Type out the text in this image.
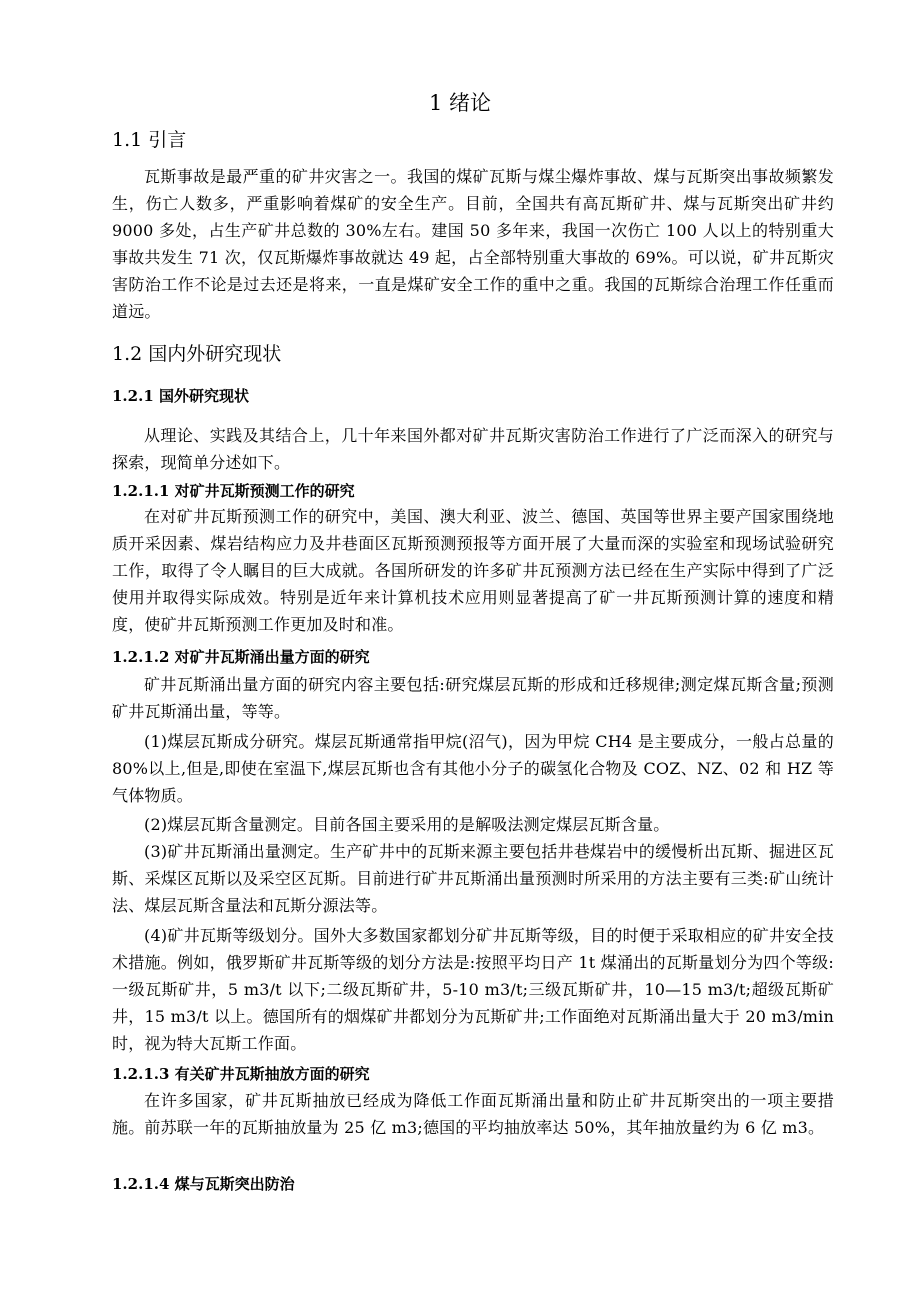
1 绪论
1.1 引言

瓦斯事故是最严重的矿井灾害之一。我国的煤矿瓦斯与煤尘爆炸事故、煤与瓦斯突出事故频繁发生，伤亡人数多，严重影响着煤矿的安全生产。目前，全国共有高瓦斯矿井、煤与瓦斯突出矿井约 9000 多处，占生产矿井总数的 30%左右。建国 50 多年来，我国一次伤亡 100 人以上的特别重大事故共发生 71 次，仅瓦斯爆炸事故就达 49 起，占全部特别重大事故的 69%。可以说，矿井瓦斯灾害防治工作不论是过去还是将来，一直是煤矿安全工作的重中之重。我国的瓦斯综合治理工作任重而道远。

1.2 国内外研究现状
1.2.1 国外研究现状

从理论、实践及其结合上，几十年来国外都对矿井瓦斯灾害防治工作进行了广泛而深入的研究与探索，现简单分述如下。

1.2.1.1 对矿井瓦斯预测工作的研究

在对矿井瓦斯预测工作的研究中，美国、澳大利亚、波兰、德国、英国等世界主要产国家围绕地质开采因素、煤岩结构应力及井巷面区瓦斯预测预报等方面开展了大量而深的实验室和现场试验研究工作，取得了令人瞩目的巨大成就。各国所研发的许多矿井瓦预测方法已经在生产实际中得到了广泛使用并取得实际成效。特别是近年来计算机技术应用则显著提高了矿一井瓦斯预测计算的速度和精度，使矿井瓦斯预测工作更加及时和准。

1.2.1.2 对矿井瓦斯涌出量方面的研究

矿井瓦斯涌出量方面的研究内容主要包括:研究煤层瓦斯的形成和迁移规律;测定煤瓦斯含量;预测矿井瓦斯涌出量，等等。

(1)煤层瓦斯成分研究。煤层瓦斯通常指甲烷(沼气)，因为甲烷 CH4 是主要成分，一般占总量的 80%以上,但是,即使在室温下,煤层瓦斯也含有其他小分子的碳氢化合物及 COZ、NZ、02 和 HZ 等气体物质。

(2)煤层瓦斯含量测定。目前各国主要采用的是解吸法测定煤层瓦斯含量。

(3)矿井瓦斯涌出量测定。生产矿井中的瓦斯来源主要包括井巷煤岩中的缓慢析出瓦斯、掘进区瓦斯、采煤区瓦斯以及采空区瓦斯。目前进行矿井瓦斯涌出量预测时所采用的方法主要有三类:矿山统计法、煤层瓦斯含量法和瓦斯分源法等。

(4)矿井瓦斯等级划分。国外大多数国家都划分矿井瓦斯等级，目的时便于采取相应的矿井安全技术措施。例如，俄罗斯矿井瓦斯等级的划分方法是:按照平均日产 1t 煤涌出的瓦斯量划分为四个等级:一级瓦斯矿井，5 m3/t 以下;二级瓦斯矿井，5-10 m3/t;三级瓦斯矿井，10—15 m3/t;超级瓦斯矿井，15 m3/t 以上。德国所有的烟煤矿井都划分为瓦斯矿井;工作面绝对瓦斯涌出量大于 20 m3/min 时，视为特大瓦斯工作面。

1.2.1.3 有关矿井瓦斯抽放方面的研究

在许多国家，矿井瓦斯抽放已经成为降低工作面瓦斯涌出量和防止矿井瓦斯突出的一项主要措施。前苏联一年的瓦斯抽放量为 25 亿 m3;德国的平均抽放率达 50%，其年抽放量约为 6 亿 m3。

1.2.1.4 煤与瓦斯突出防治
